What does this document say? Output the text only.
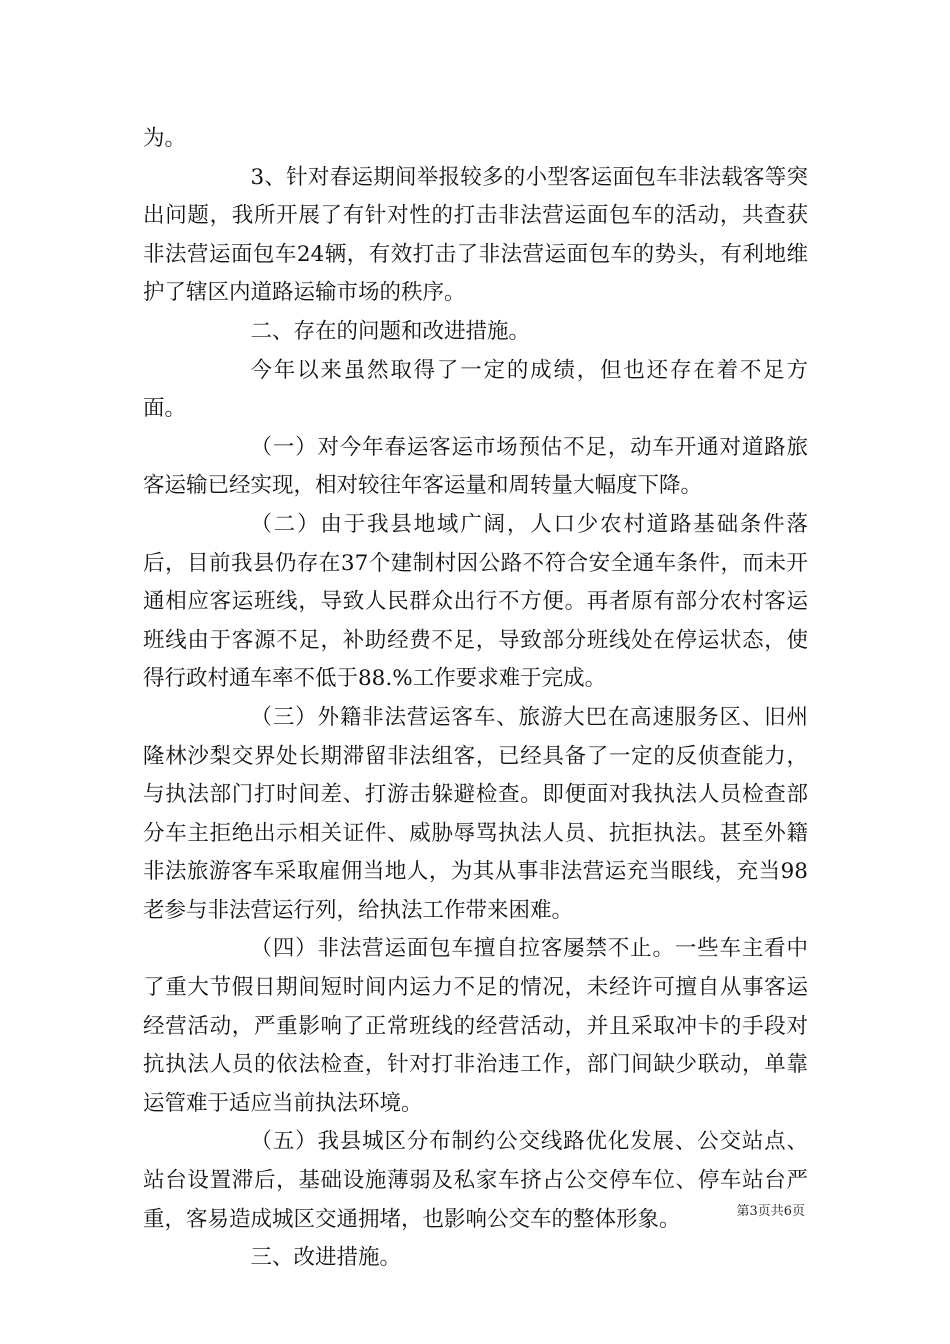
为。

3、针对春运期间举报较多的小型客运面包车非法载客等突出问题，我所开展了有针对性的打击非法营运面包车的活动，共查获非法营运面包车24辆，有效打击了非法营运面包车的势头，有利地维护了辖区内道路运输市场的秩序。

二、存在的问题和改进措施。

今年以来虽然取得了一定的成绩，但也还存在着不足方面。

（一）对今年春运客运市场预估不足，动车开通对道路旅客运输已经实现，相对较往年客运量和周转量大幅度下降。

（二）由于我县地域广阔，人口少农村道路基础条件落后，目前我县仍存在37个建制村因公路不符合安全通车条件，而未开通相应客运班线，导致人民群众出行不方便。再者原有部分农村客运班线由于客源不足，补助经费不足，导致部分班线处在停运状态，使得行政村通车率不低于88.%工作要求难于完成。

（三）外籍非法营运客车、旅游大巴在高速服务区、旧州隆林沙梨交界处长期滞留非法组客，已经具备了一定的反侦查能力，与执法部门打时间差、打游击躲避检查。即便面对我执法人员检查部分车主拒绝出示相关证件、威胁辱骂执法人员、抗拒执法。甚至外籍非法旅游客车采取雇佣当地人，为其从事非法营运充当眼线，充当98老参与非法营运行列，给执法工作带来困难。

（四）非法营运面包车擅自拉客屡禁不止。一些车主看中了重大节假日期间短时间内运力不足的情况，未经许可擅自从事客运经营活动，严重影响了正常班线的经营活动，并且采取冲卡的手段对抗执法人员的依法检查，针对打非治违工作，部门间缺少联动，单靠运管难于适应当前执法环境。

（五）我县城区分布制约公交线路优化发展、公交站点、站台设置滞后，基础设施薄弱及私家车挤占公交停车位、停车站台严重，客易造成城区交通拥堵，也影响公交车的整体形象。

三、改进措施。

第3页共6页
